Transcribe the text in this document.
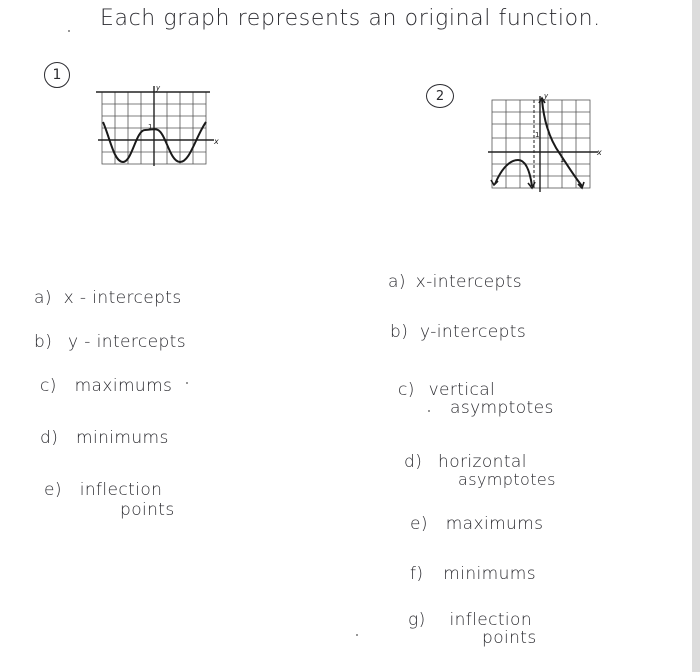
Each graph represents an original function.
1
y
x
1
2	y
x
1
1
a) x - intercepts
b) y - intercepts
c) maximums
d) minimums
e) inflection
points
a) x-intercepts
b) y-intercepts
c) vertical
asymptotes
d) horizontal
asymptotes
e) maximums
f) minimums
g) inflection
points
